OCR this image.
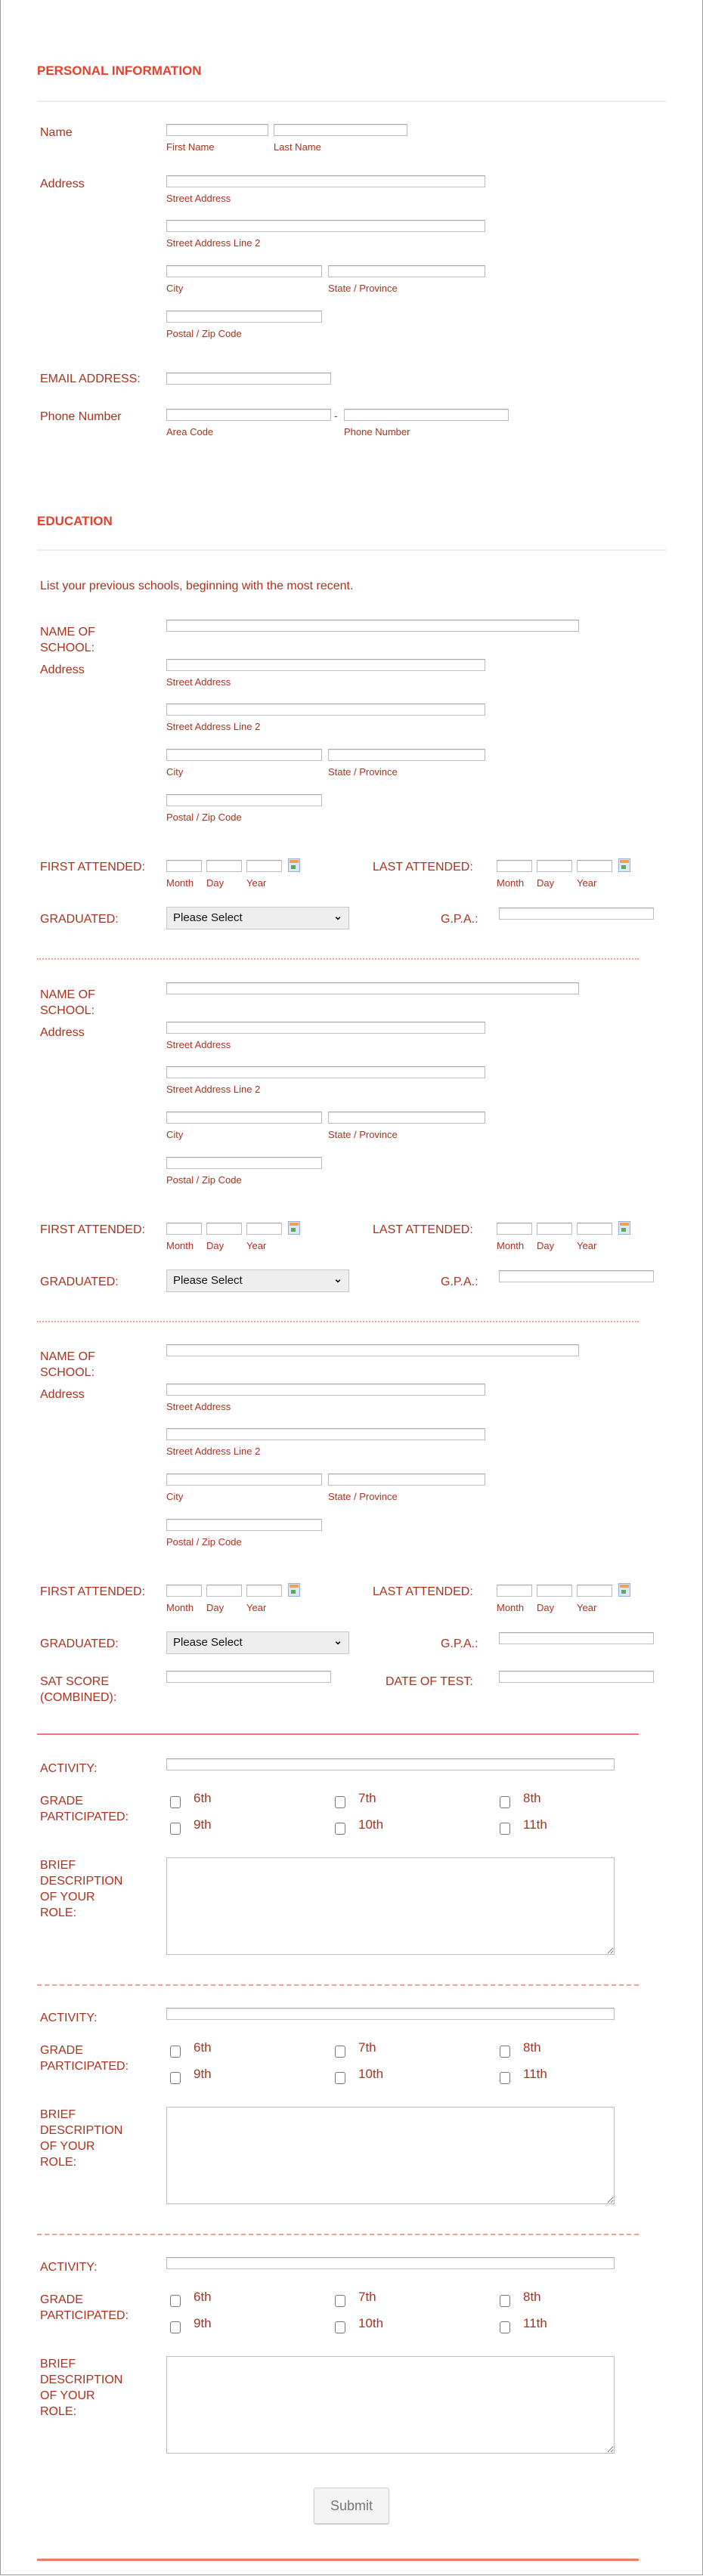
PERSONAL INFORMATION
Name
First Name	Last Name
Address
Street Address
Street Address Line 2
City	State / Province
Postal / Zip Code
EMAIL ADDRESS:
Phone Number	-
Area Code	Phone Number
EDUCATION
List your previous schools, beginning with the most recent.
NAME OF SCHOOL:
Address
Street Address
Street Address Line 2
City	State / Province
Postal / Zip Code
FIRST ATTENDED:	LAST ATTENDED:
Month Day Year	Month Day Year
GRADUATED:	Please Select	⌄	G.P.A.:
NAME OF SCHOOL:
Address
Street Address
Street Address Line 2
City	State / Province
Postal / Zip Code
FIRST ATTENDED:	LAST ATTENDED:
Month Day Year	Month Day Year
GRADUATED:	Please Select	⌄	G.P.A.:
NAME OF SCHOOL:
Address
Street Address
Street Address Line 2
City	State / Province
Postal / Zip Code
FIRST ATTENDED:	LAST ATTENDED:
Month Day Year	Month Day Year
GRADUATED:	Please Select	⌄	G.P.A.:
SAT SCORE (COMBINED):
DATE OF TEST:
ACTIVITY:
GRADE PARTICIPATED:
6th	7th	8th
9th	10th	11th
BRIEF DESCRIPTION OF YOUR ROLE:
ACTIVITY:
GRADE PARTICIPATED:
6th	7th	8th
9th	10th	11th
BRIEF DESCRIPTION OF YOUR ROLE:
ACTIVITY:
GRADE PARTICIPATED:
6th	7th	8th
9th	10th	11th
BRIEF DESCRIPTION OF YOUR ROLE:
Submit
